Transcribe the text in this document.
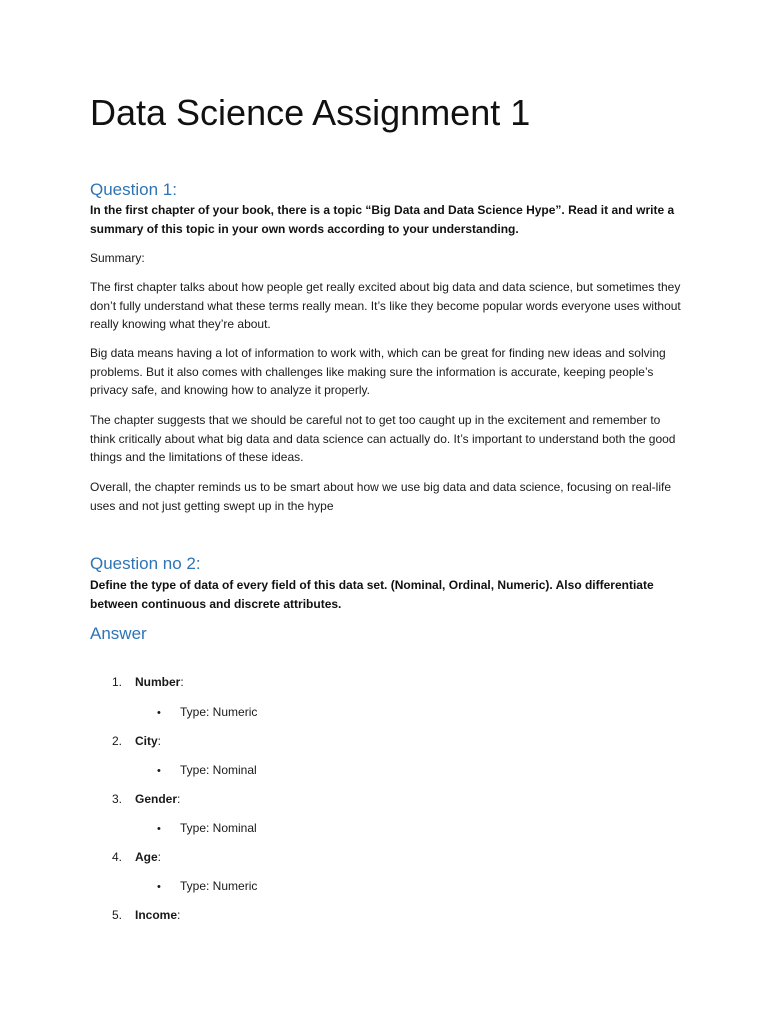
Data Science Assignment 1
Question 1:

In the first chapter of your book, there is a topic “Big Data and Data Science Hype”. Read it and write a summary of this topic in your own words according to your understanding.

Summary:

The first chapter talks about how people get really excited about big data and data science, but sometimes they don’t fully understand what these terms really mean. It’s like they become popular words everyone uses without really knowing what they’re about.

Big data means having a lot of information to work with, which can be great for finding new ideas and solving problems. But it also comes with challenges like making sure the information is accurate, keeping people’s privacy safe, and knowing how to analyze it properly.

The chapter suggests that we should be careful not to get too caught up in the excitement and remember to think critically about what big data and data science can actually do. It’s important to understand both the good things and the limitations of these ideas.

Overall, the chapter reminds us to be smart about how we use big data and data science, focusing on real-life uses and not just getting swept up in the hype

Question no 2:

Define the type of data of every field of this data set. (Nominal, Ordinal, Numeric). Also differentiate between continuous and discrete attributes.

Answer
1. Number:
• Type: Numeric
2. City:
• Type: Nominal
3. Gender:
• Type: Nominal
4. Age:
• Type: Numeric
5. Income:
